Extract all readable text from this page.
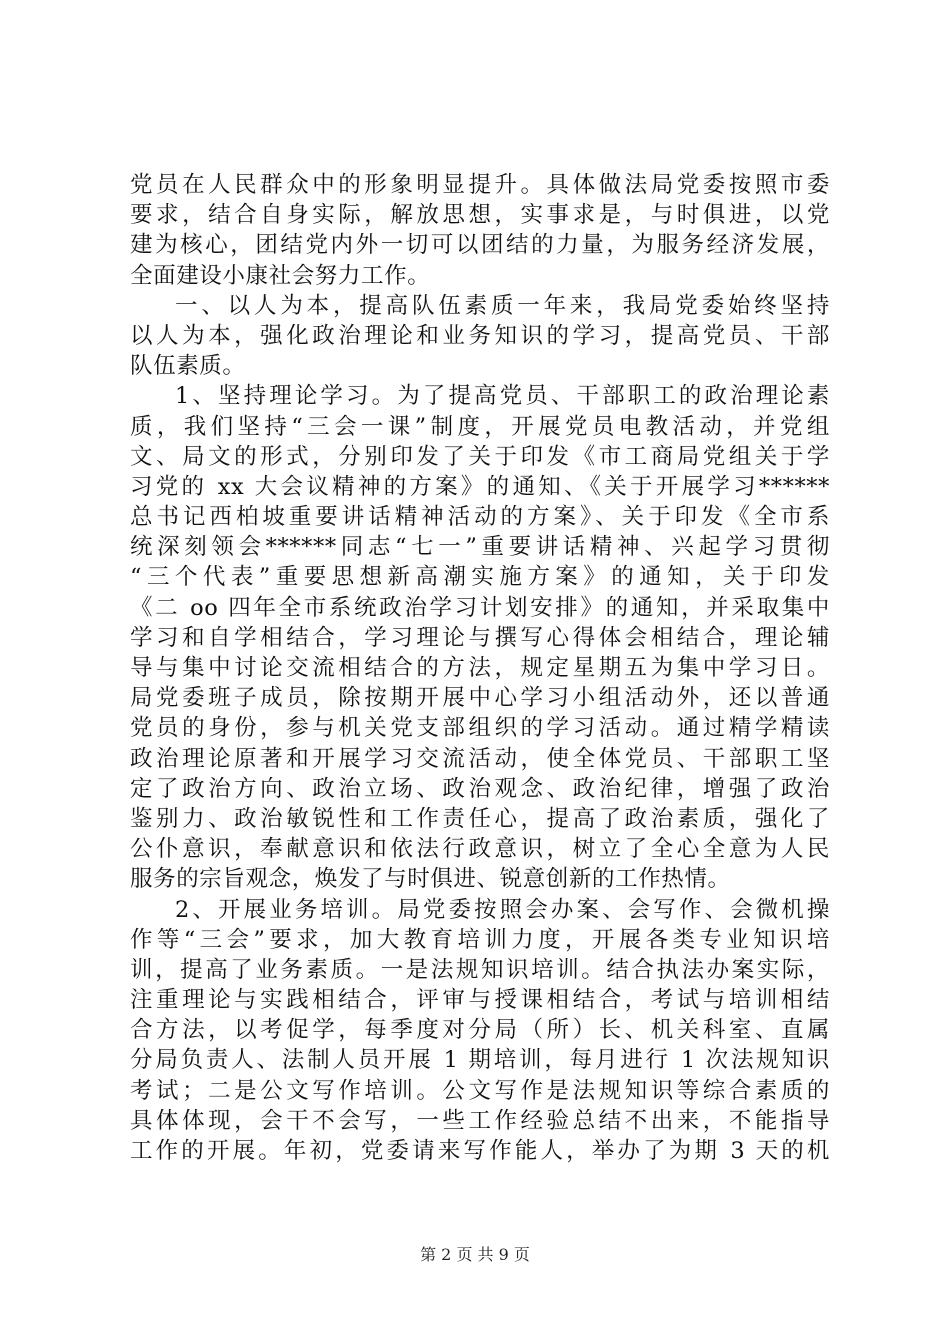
党员在人民群众中的形象明显提升。具体做法局党委按照市委
要求，结合自身实际，解放思想，实事求是，与时俱进，以党
建为核心，团结党内外一切可以团结的力量，为服务经济发展，
全面建设小康社会努力工作。
一、以人为本，提高队伍素质一年来，我局党委始终坚持
以人为本，强化政治理论和业务知识的学习，提高党员、干部
队伍素质。
1、坚持理论学习。为了提高党员、干部职工的政治理论素
质，我们坚持“三会一课”制度，开展党员电教活动，并党组
文、局文的形式，分别印发了关于印发《市工商局党组关于学
习党的 xx 大会议精神的方案》的通知、《关于开展学习******
总书记西柏坡重要讲话精神活动的方案》、关于印发《全市系
统深刻领会******同志“七一”重要讲话精神、兴起学习贯彻
“三个代表”重要思想新高潮实施方案》的通知，关于印发
《二 oo 四年全市系统政治学习计划安排》的通知，并采取集中
学习和自学相结合，学习理论与撰写心得体会相结合，理论辅
导与集中讨论交流相结合的方法，规定星期五为集中学习日。
局党委班子成员，除按期开展中心学习小组活动外，还以普通
党员的身份，参与机关党支部组织的学习活动。通过精学精读
政治理论原著和开展学习交流活动，使全体党员、干部职工坚
定了政治方向、政治立场、政治观念、政治纪律，增强了政治
鉴别力、政治敏锐性和工作责任心，提高了政治素质，强化了
公仆意识，奉献意识和依法行政意识，树立了全心全意为人民
服务的宗旨观念，焕发了与时俱进、锐意创新的工作热情。
2、开展业务培训。局党委按照会办案、会写作、会微机操
作等“三会”要求，加大教育培训力度，开展各类专业知识培
训，提高了业务素质。一是法规知识培训。结合执法办案实际，
注重理论与实践相结合，评审与授课相结合，考试与培训相结
合方法，以考促学，每季度对分局（所）长、机关科室、直属
分局负责人、法制人员开展 1 期培训，每月进行 1 次法规知识
考试；二是公文写作培训。公文写作是法规知识等综合素质的
具体体现，会干不会写，一些工作经验总结不出来，不能指导
工作的开展。年初，党委请来写作能人，举办了为期 3 天的机
第 2 页 共 9 页
